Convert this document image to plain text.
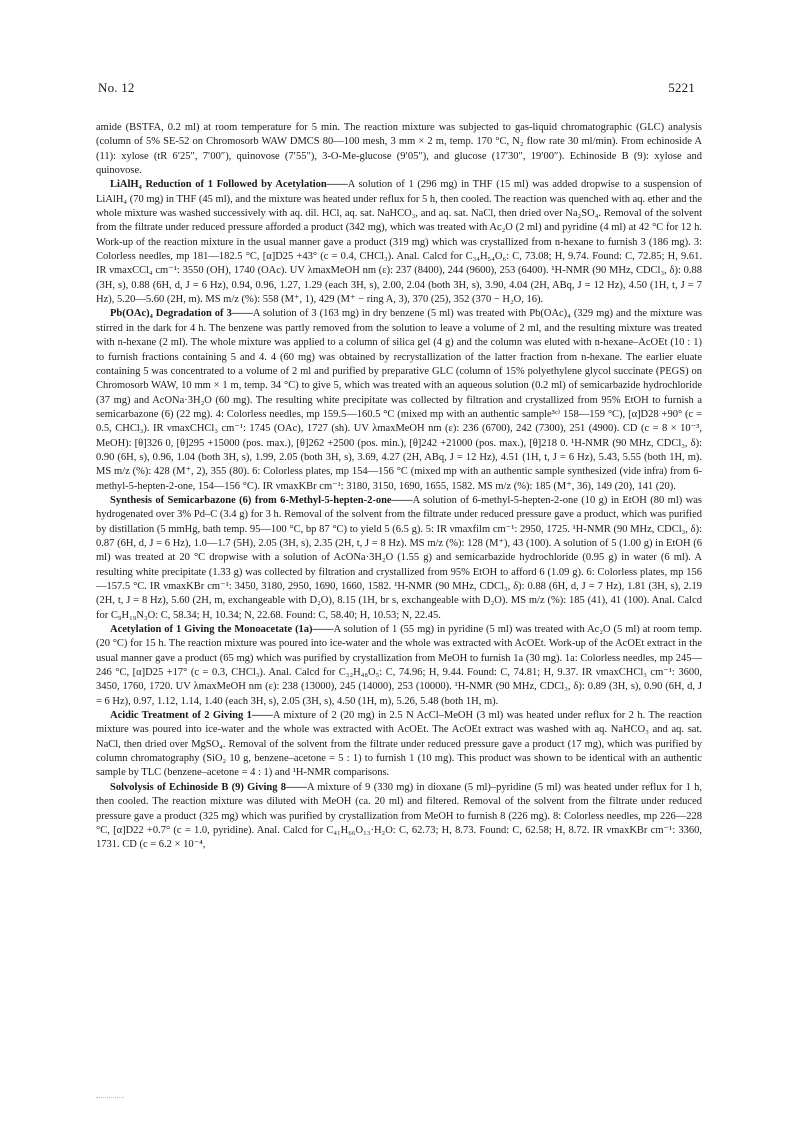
No. 12	5221

amide (BSTFA, 0.2 ml) at room temperature for 5 min. The reaction mixture was subjected to gas-liquid chromatographic (GLC) analysis (column of 5% SE-52 on Chromosorb WAW DMCS 80—100 mesh, 3 mm × 2 m, temp. 170 °C, N₂ flow rate 30 ml/min). From echinoside A (11): xylose (tR 6′25″, 7′00″), quinovose (7′55″), 3-O-Me-glucose (9′05″), and glucose (17′30″, 19′00″). Echinoside B (9): xylose and quinovose.

LiAlH₄ Reduction of 1 Followed by Acetylation——A solution of 1 (296 mg) in THF (15 ml) was added dropwise to a suspension of LiAlH₄ (70 mg) in THF (45 ml), and the mixture was heated under reflux for 5 h, then cooled. The reaction was quenched with aq. ether and the whole mixture was washed successively with aq. dil. HCl, aq. sat. NaHCO₃, and aq. sat. NaCl, then dried over Na₂SO₄. Removal of the solvent from the filtrate under reduced pressure afforded a product (342 mg), which was treated with Ac₂O (2 ml) and pyridine (4 ml) at 42 °C for 12 h. Work-up of the reaction mixture in the usual manner gave a product (319 mg) which was crystallized from n-hexane to furnish 3 (186 mg). 3: Colorless needles, mp 181—182.5 °C, [α]D25 +43° (c = 0.4, CHCl₃). Anal. Calcd for C₃₄H₅₄O₆: C, 73.08; H, 9.74. Found: C, 72.85; H, 9.61. IR νmaxCCl₄ cm⁻¹: 3550 (OH), 1740 (OAc). UV λmaxMeOH nm (ε): 237 (8400), 244 (9600), 253 (6400). ¹H-NMR (90 MHz, CDCl₃, δ): 0.88 (3H, s), 0.88 (6H, d, J = 6 Hz), 0.94, 0.96, 1.27, 1.29 (each 3H, s), 2.00, 2.04 (both 3H, s), 3.90, 4.04 (2H, ABq, J = 12 Hz), 4.50 (1H, t, J = 7 Hz), 5.20—5.60 (2H, m). MS m/z (%): 558 (M⁺, 1), 429 (M⁺ − ring A, 3), 370 (25), 352 (370 − H₂O, 16).

Pb(OAc)₄ Degradation of 3——A solution of 3 (163 mg) in dry benzene (5 ml) was treated with Pb(OAc)₄ (329 mg) and the mixture was stirred in the dark for 4 h. The benzene was partly removed from the solution to leave a volume of 2 ml, and the resulting mixture was treated with n-hexane (2 ml). The whole mixture was applied to a column of silica gel (4 g) and the column was eluted with n-hexane–AcOEt (10 : 1) to furnish fractions containing 5 and 4. 4 (60 mg) was obtained by recrystallization of the latter fraction from n-hexane. The earlier eluate containing 5 was concentrated to a volume of 2 ml and purified by preparative GLC (column of 15% polyethylene glycol succinate (PEGS) on Chromosorb WAW, 10 mm × 1 m, temp. 34 °C) to give 5, which was treated with an aqueous solution (0.2 ml) of semicarbazide hydrochloride (37 mg) and AcONa·3H₂O (60 mg). The resulting white precipitate was collected by filtration and crystallized from 95% EtOH to furnish a semicarbazone (6) (22 mg). 4: Colorless needles, mp 159.5—160.5 °C (mixed mp with an authentic sample³ᶜ⁾ 158—159 °C), [α]D28 +90° (c = 0.5, CHCl₃). IR νmaxCHCl₃ cm⁻¹: 1745 (OAc), 1727 (sh). UV λmaxMeOH nm (ε): 236 (6700), 242 (7300), 251 (4900). CD (c = 8 × 10⁻³, MeOH): [θ]326 0, [θ]295 +15000 (pos. max.), [θ]262 +2500 (pos. min.), [θ]242 +21000 (pos. max.), [θ]218 0. ¹H-NMR (90 MHz, CDCl₃, δ): 0.90 (6H, s), 0.96, 1.04 (both 3H, s), 1.99, 2.05 (both 3H, s), 3.69, 4.27 (2H, ABq, J = 12 Hz), 4.51 (1H, t, J = 6 Hz), 5.43, 5.55 (both 1H, m). MS m/z (%): 428 (M⁺, 2), 355 (80). 6: Colorless plates, mp 154—156 °C (mixed mp with an authentic sample synthesized (vide infra) from 6-methyl-5-hepten-2-one, 154—156 °C). IR νmaxKBr cm⁻¹: 3180, 3150, 1690, 1655, 1582. MS m/z (%): 185 (M⁺, 36), 149 (20), 141 (20).

Synthesis of Semicarbazone (6) from 6-Methyl-5-hepten-2-one——A solution of 6-methyl-5-hepten-2-one (10 g) in EtOH (80 ml) was hydrogenated over 3% Pd–C (3.4 g) for 3 h. Removal of the solvent from the filtrate under reduced pressure gave a product, which was purified by distillation (5 mmHg, bath temp. 95—100 °C, bp 87 °C) to yield 5 (6.5 g). 5: IR νmaxfilm cm⁻¹: 2950, 1725. ¹H-NMR (90 MHz, CDCl₃, δ): 0.87 (6H, d, J = 6 Hz), 1.0—1.7 (5H), 2.05 (3H, s), 2.35 (2H, t, J = 8 Hz). MS m/z (%): 128 (M⁺), 43 (100). A solution of 5 (1.00 g) in EtOH (6 ml) was treated at 20 °C dropwise with a solution of AcONa·3H₂O (1.55 g) and semicarbazide hydrochloride (0.95 g) in water (6 ml). A resulting white precipitate (1.33 g) was collected by filtration and crystallized from 95% EtOH to afford 6 (1.09 g). 6: Colorless plates, mp 156—157.5 °C. IR νmaxKBr cm⁻¹: 3450, 3180, 2950, 1690, 1660, 1582. ¹H-NMR (90 MHz, CDCl₃, δ): 0.88 (6H, d, J = 7 Hz), 1.81 (3H, s), 2.19 (2H, t, J = 8 Hz), 5.60 (2H, m, exchangeable with D₂O), 8.15 (1H, br s, exchangeable with D₂O). MS m/z (%): 185 (41), 41 (100). Anal. Calcd for C₉H₁₉N₃O: C, 58.34; H, 10.34; N, 22.68. Found: C, 58.40; H, 10.53; N, 22.45.

Acetylation of 1 Giving the Monoacetate (1a)——A solution of 1 (55 mg) in pyridine (5 ml) was treated with Ac₂O (5 ml) at room temp. (20 °C) for 15 h. The reaction mixture was poured into ice-water and the whole was extracted with AcOEt. Work-up of the AcOEt extract in the usual manner gave a product (65 mg) which was purified by crystallization from MeOH to furnish 1a (30 mg). 1a: Colorless needles, mp 245—246 °C, [α]D25 +17° (c = 0.3, CHCl₃). Anal. Calcd for C₃₂H₄₈O₅: C, 74.96; H, 9.44. Found: C, 74.81; H, 9.37. IR νmaxCHCl₃ cm⁻¹: 3600, 3450, 1760, 1720. UV λmaxMeOH nm (ε): 238 (13000), 245 (14000), 253 (10000). ¹H-NMR (90 MHz, CDCl₃, δ): 0.89 (3H, s), 0.90 (6H, d, J = 6 Hz), 0.97, 1.12, 1.14, 1.40 (each 3H, s), 2.05 (3H, s), 4.50 (1H, m), 5.26, 5.48 (both 1H, m).

Acidic Treatment of 2 Giving 1——A mixture of 2 (20 mg) in 2.5 N AcCl–MeOH (3 ml) was heated under reflux for 2 h. The reaction mixture was poured into ice-water and the whole was extracted with AcOEt. The AcOEt extract was washed with aq. NaHCO₃ and aq. sat. NaCl, then dried over MgSO₄. Removal of the solvent from the filtrate under reduced pressure gave a product (17 mg), which was purified by column chromatography (SiO₂ 10 g, benzene–acetone = 5 : 1) to furnish 1 (10 mg). This product was shown to be identical with an authentic sample by TLC (benzene–acetone = 4 : 1) and ¹H-NMR comparisons.

Solvolysis of Echinoside B (9) Giving 8——A mixture of 9 (330 mg) in dioxane (5 ml)–pyridine (5 ml) was heated under reflux for 1 h, then cooled. The reaction mixture was diluted with MeOH (ca. 20 ml) and filtered. Removal of the solvent from the filtrate under reduced pressure gave a product (325 mg) which was purified by crystallization from MeOH to furnish 8 (226 mg). 8: Colorless needles, mp 226—228 °C, [α]D22 +0.7° (c = 1.0, pyridine). Anal. Calcd for C₄₁H₆₆O₁₃·H₂O: C, 62.73; H, 8.73. Found: C, 62.58; H, 8.72. IR νmaxKBr cm⁻¹: 3360, 1731. CD (c = 6.2 × 10⁻⁴,
